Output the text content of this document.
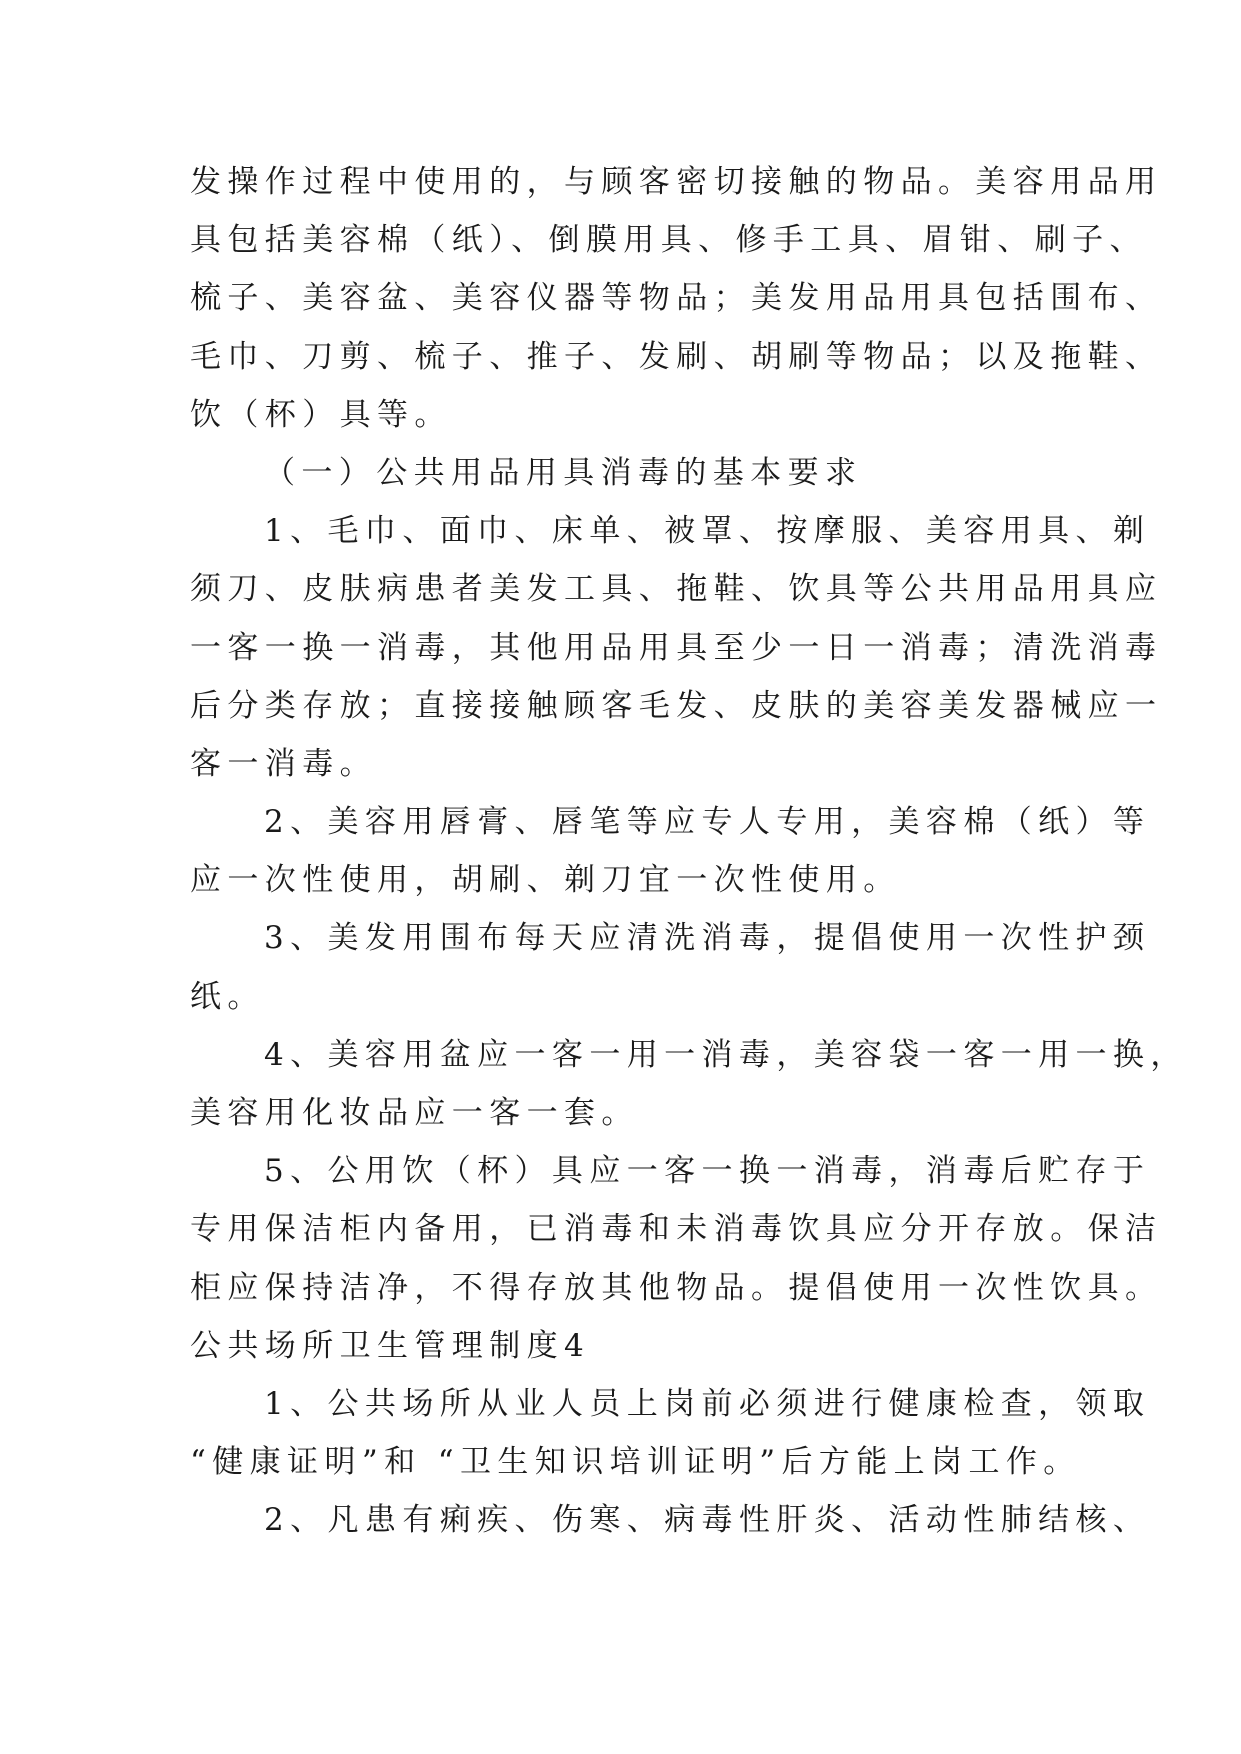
发操作过程中使用的，与顾客密切接触的物品。美容用品用
具包括美容棉（纸）、倒膜用具、修手工具、眉钳、刷子、
梳子、美容盆、美容仪器等物品；美发用品用具包括围布、
毛巾、刀剪、梳子、推子、发刷、胡刷等物品；以及拖鞋、
饮（杯）具等。
（一）公共用品用具消毒的基本要求
1、毛巾、面巾、床单、被罩、按摩服、美容用具、剃
须刀、皮肤病患者美发工具、拖鞋、饮具等公共用品用具应
一客一换一消毒，其他用品用具至少一日一消毒；清洗消毒
后分类存放；直接接触顾客毛发、皮肤的美容美发器械应一
客一消毒。
2、美容用唇膏、唇笔等应专人专用，美容棉（纸）等
应一次性使用，胡刷、剃刀宜一次性使用。
3、美发用围布每天应清洗消毒，提倡使用一次性护颈
纸。
4、美容用盆应一客一用一消毒，美容袋一客一用一换，
美容用化妆品应一客一套。
5、公用饮（杯）具应一客一换一消毒，消毒后贮存于
专用保洁柜内备用，已消毒和未消毒饮具应分开存放。保洁
柜应保持洁净，不得存放其他物品。提倡使用一次性饮具。
公共场所卫生管理制度4
1、公共场所从业人员上岗前必须进行健康检查，领取
“健康证明”和 “卫生知识培训证明”后方能上岗工作。
2、凡患有痢疾、伤寒、病毒性肝炎、活动性肺结核、
